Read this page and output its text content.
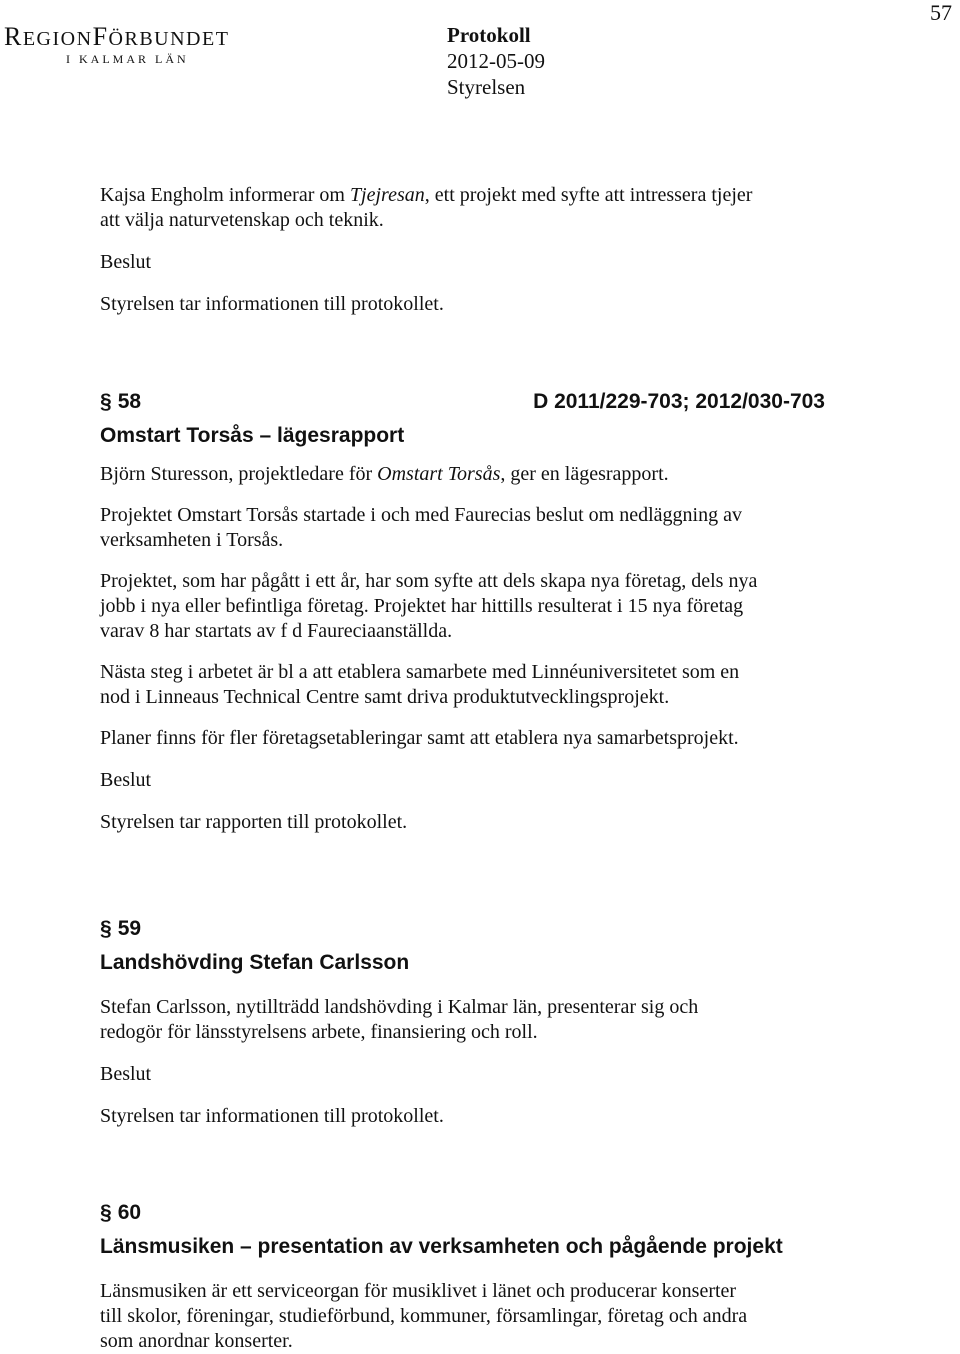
57
REGIONFÖRBUNDET
I KALMAR LÄN
Protokoll
2012-05-09
Styrelsen

Kajsa Engholm informerar om Tjejresan, ett projekt med syfte att intressera tjejer
att välja naturvetenskap och teknik.

Beslut

Styrelsen tar informationen till protokollet.

§ 58	D 2011/229-703; 2012/030-703
Omstart Torsås – lägesrapport

Björn Sturesson, projektledare för Omstart Torsås, ger en lägesrapport.

Projektet Omstart Torsås startade i och med Faurecias beslut om nedläggning av
verksamheten i Torsås.

Projektet, som har pågått i ett år, har som syfte att dels skapa nya företag, dels nya
jobb i nya eller befintliga företag. Projektet har hittills resulterat i 15 nya företag
varav 8 har startats av f d Faureciaanställda.

Nästa steg i arbetet är bl a att etablera samarbete med Linnéuniversitetet som en
nod i Linneaus Technical Centre samt driva produktutvecklingsprojekt.

Planer finns för fler företagsetableringar samt att etablera nya samarbetsprojekt.

Beslut

Styrelsen tar rapporten till protokollet.

§ 59
Landshövding Stefan Carlsson

Stefan Carlsson, nytillträdd landshövding i Kalmar län, presenterar sig och
redogör för länsstyrelsens arbete, finansiering och roll.

Beslut

Styrelsen tar informationen till protokollet.

§ 60
Länsmusiken – presentation av verksamheten och pågående projekt

Länsmusiken är ett serviceorgan för musiklivet i länet och producerar konserter
till skolor, föreningar, studieförbund, kommuner, församlingar, företag och andra
som anordnar konserter.
